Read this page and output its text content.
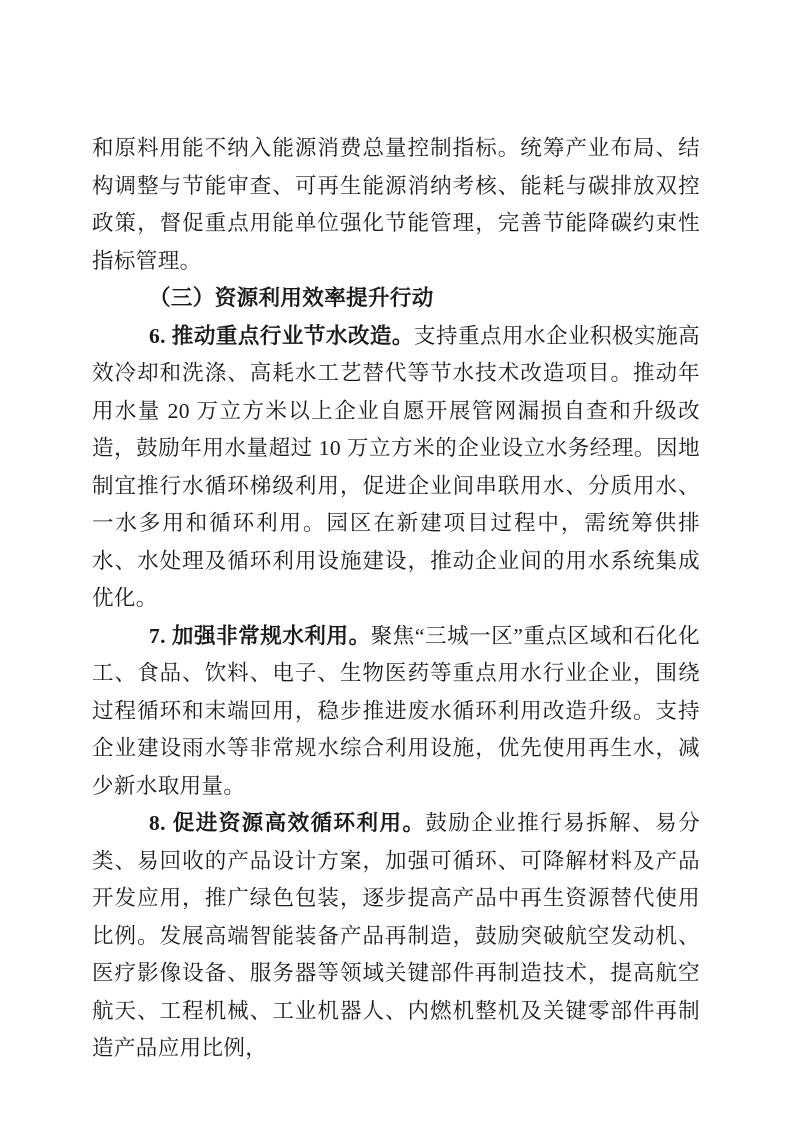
和原料用能不纳入能源消费总量控制指标。统筹产业布局、结构调整与节能审查、可再生能源消纳考核、能耗与碳排放双控政策，督促重点用能单位强化节能管理，完善节能降碳约束性指标管理。

（三）资源利用效率提升行动

6. 推动重点行业节水改造。支持重点用水企业积极实施高效冷却和洗涤、高耗水工艺替代等节水技术改造项目。推动年用水量 20 万立方米以上企业自愿开展管网漏损自查和升级改造，鼓励年用水量超过 10 万立方米的企业设立水务经理。因地制宜推行水循环梯级利用，促进企业间串联用水、分质用水、一水多用和循环利用。园区在新建项目过程中，需统筹供排水、水处理及循环利用设施建设，推动企业间的用水系统集成优化。

7. 加强非常规水利用。聚焦“三城一区”重点区域和石化化工、食品、饮料、电子、生物医药等重点用水行业企业，围绕过程循环和末端回用，稳步推进废水循环利用改造升级。支持企业建设雨水等非常规水综合利用设施，优先使用再生水，减少新水取用量。

8. 促进资源高效循环利用。鼓励企业推行易拆解、易分类、易回收的产品设计方案，加强可循环、可降解材料及产品开发应用，推广绿色包装，逐步提高产品中再生资源替代使用比例。发展高端智能装备产品再制造，鼓励突破航空发动机、医疗影像设备、服务器等领域关键部件再制造技术，提高航空航天、工程机械、工业机器人、内燃机整机及关键零部件再制造产品应用比例，
